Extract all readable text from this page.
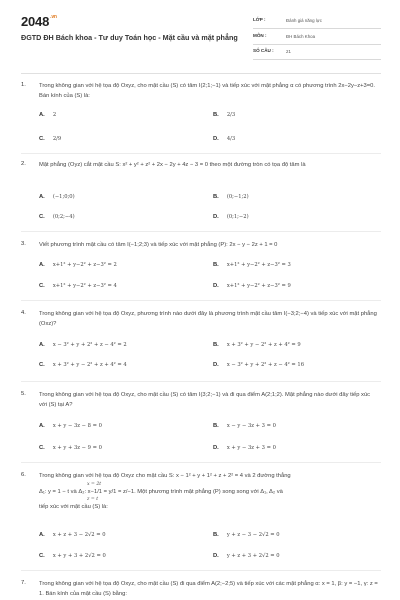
$2048^{.vn}$
ĐGTD ĐH Bách khoa - Tư duy Toán học - Mặt cầu và mặt phẳng
LỚP :	Đánh giá năng lực
MÔN :	ĐH Bách Khoa
SỐ CÂU :	21
1. Trong không gian với hệ tọa độ Oxyz, cho mặt cầu (S) có tâm I(2;1;−1) và tiếp xúc với mặt phẳng α có phương trình 2x−2y−z+3=0. Bán kính của (S) là:
A. 2	B. 2/3
C. 2/9	D. 4/3
2. Mặt phẳng (Oyz) cắt mặt cầu S: x² + y² + z² + 2x − 2y + 4z − 3 = 0 theo một đường tròn có tọa độ tâm là
A. (−1;0;0)	B. (0;−1;2)
C. (0;2;−4)	D. (0;1;−2)
3. Viết phương trình mặt cầu có tâm I(−1;2;3) và tiếp xúc với mặt phẳng (P): 2x − y − 2z + 1 = 0
A. x+1² + y−2² + z−3² = 2	B. x+1² + y−2² + z−3² = 3
C. x+1² + y−2² + z−3² = 4	D. x+1² + y−2² + z−3² = 9
4. Trong không gian với hệ tọa độ Oxyz, phương trình nào dưới đây là phương trình mặt cầu tâm I(−3;2;−4) và tiếp xúc với mặt phẳng (Oxz)?
A. x − 3² + y + 2² + z − 4² = 2	B. x + 3² + y − 2² + z + 4² = 9
C. x + 3² + y − 2² + z + 4² = 4	D. x − 3² + y + 2² + z − 4² = 16
5. Trong không gian với hệ tọa độ Oxyz, cho mặt cầu (S) có tâm I(3;2;−1) và đi qua điểm A(2;1;2). Mặt phẳng nào dưới đây tiếp xúc với (S) tại A?
A. x + y − 3z − 8 = 0	B. x − y − 3z + 3 = 0
C. x + y + 3z − 9 = 0	D. x + y − 3z + 3 = 0
6. Trong không gian với hệ tọa độ Oxyz cho mặt cầu S: x − 1² + y + 1² + z + 2² = 4 và 2 đường thẳng
x = 2t
Δ₁: y = 1 − t và Δ₂: x−1/1 = y/1 = z/−1. Một phương trình mặt phẳng (P) song song với Δ₁, Δ₂ và
z = t
tiếp xúc với mặt cầu (S) là:
A. x + z + 3 − 2√2 = 0	B. y + z − 3 − 2√2 = 0
C. x + y + 3 + 2√2 = 0	D. y + z + 3 + 2√2 = 0
7. Trong không gian với hệ tọa độ Oxyz, cho mặt cầu (S) đi qua điểm A(2;−2;5) và tiếp xúc với các mặt phẳng α: x = 1, β: y = −1, γ: z = 1. Bán kính của mặt cầu (S) bằng:
